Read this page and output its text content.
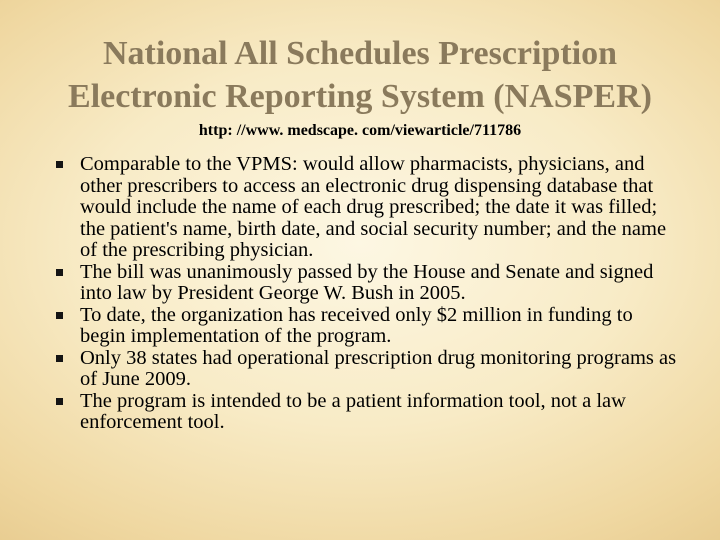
National All Schedules Prescription
Electronic Reporting System (NASPER)
http: //www. medscape. com/viewarticle/711786
Comparable to the VPMS: would allow pharmacists, physicians, and other prescribers to access an electronic drug dispensing database that would include the name of each drug prescribed; the date it was filled; the patient's name, birth date, and social security number; and the name of the prescribing physician.
The bill was unanimously passed by the House and Senate and signed into law by President George W. Bush in 2005.
To date, the organization has received only $2 million in funding to begin implementation of the program.
Only 38 states had operational prescription drug monitoring programs as of June 2009.
The program is intended to be a patient information tool, not a law enforcement tool.
